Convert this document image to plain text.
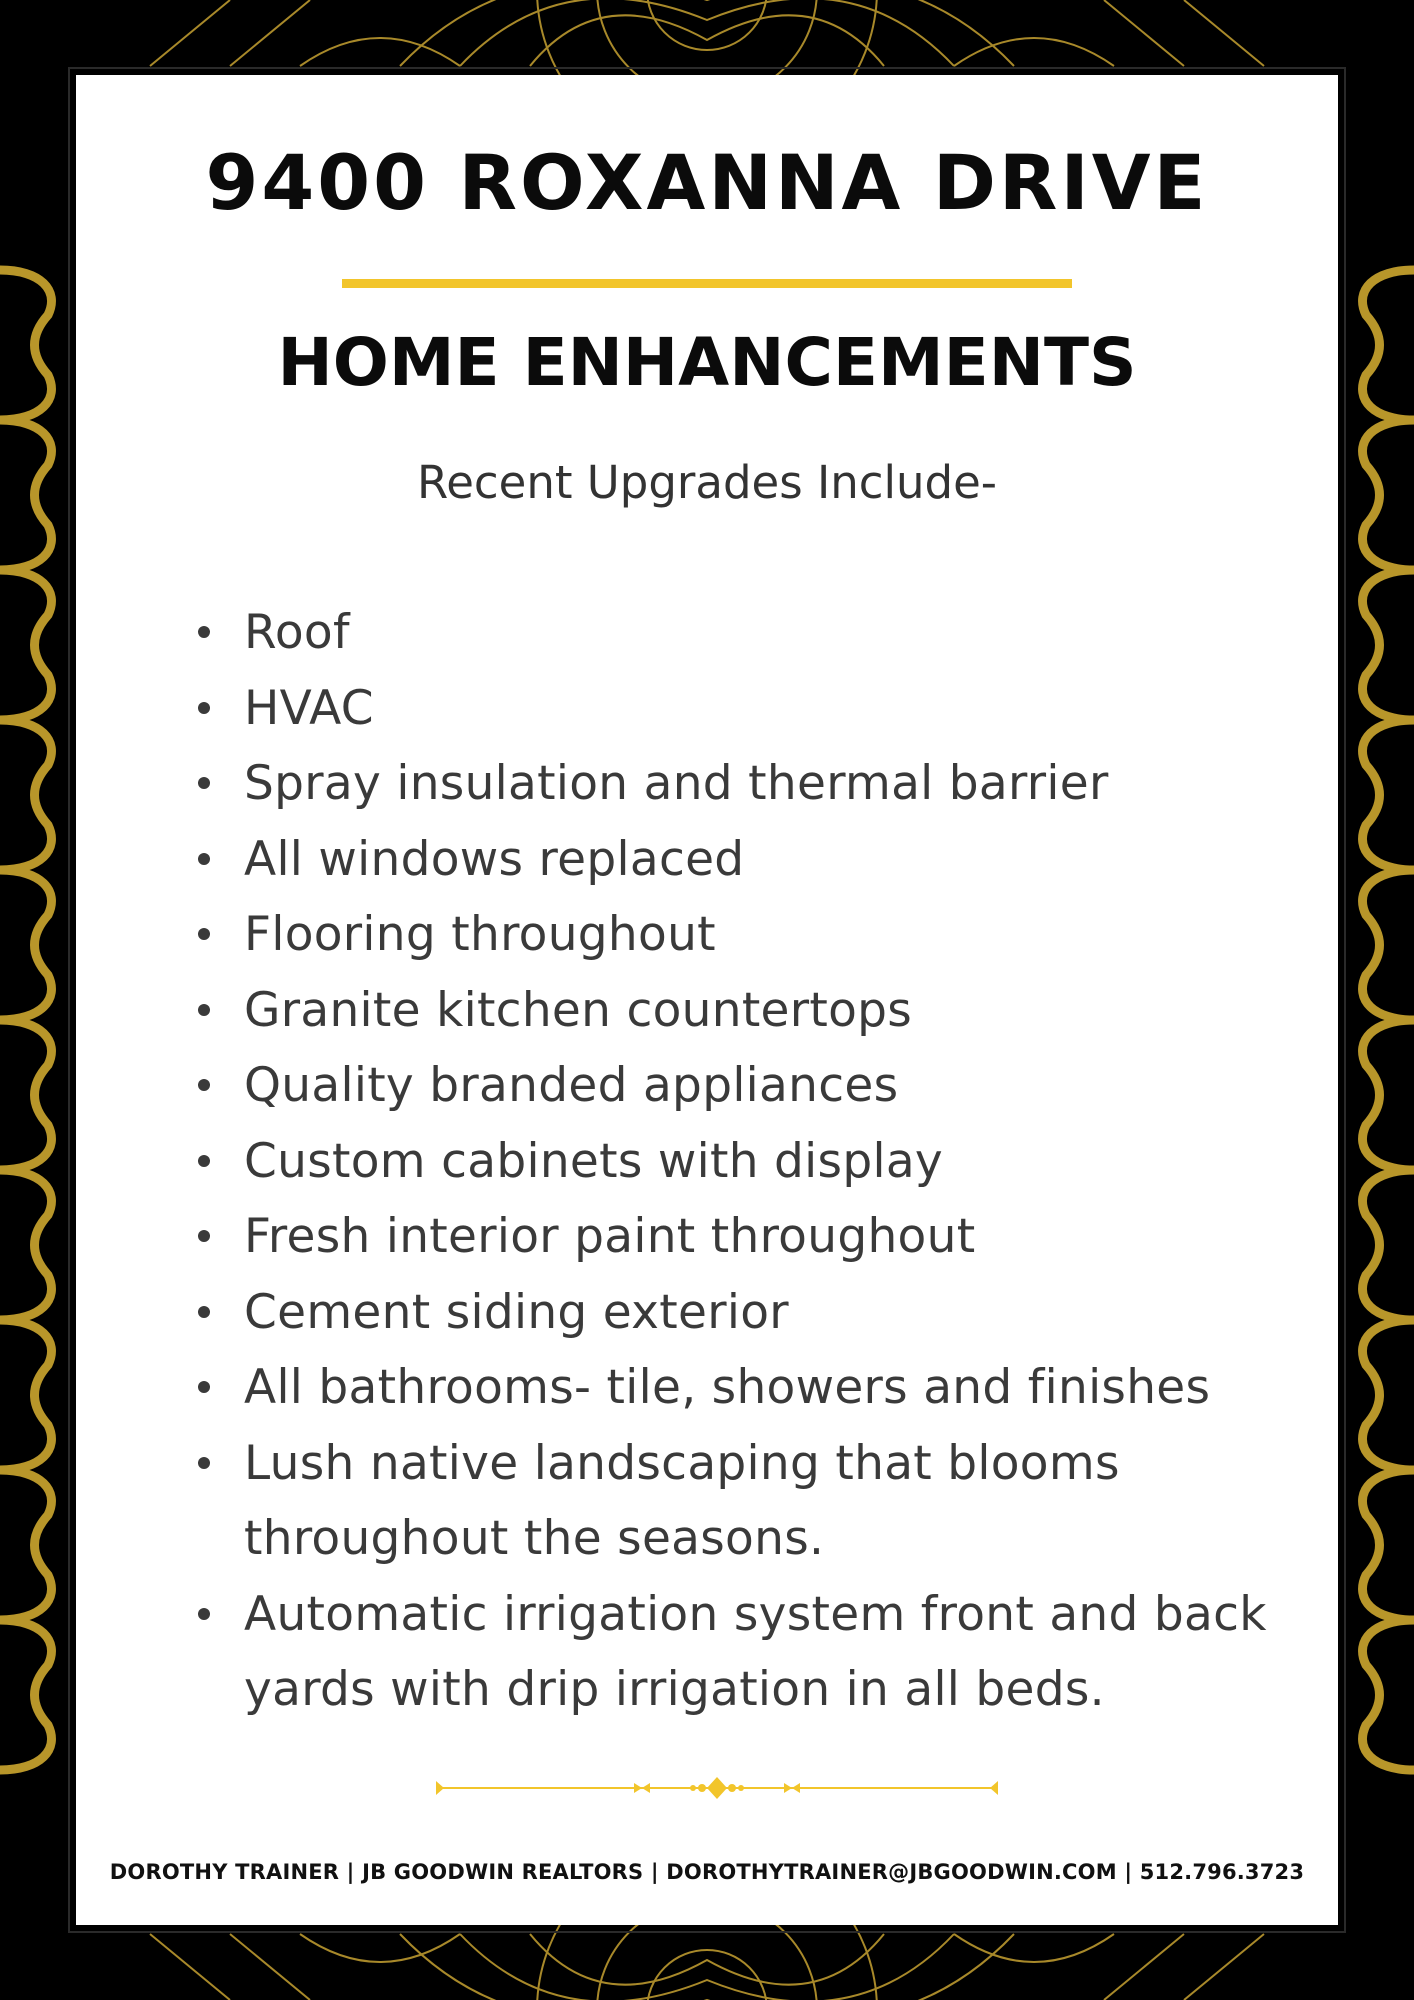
9400 ROXANNA DRIVE
HOME ENHANCEMENTS
Recent Upgrades Include-
Roof
HVAC
Spray insulation and thermal barrier
All windows replaced
Flooring throughout
Granite kitchen countertops
Quality branded appliances
Custom cabinets with display
Fresh interior paint throughout
Cement siding exterior
All bathrooms- tile, showers and finishes
Lush native landscaping that blooms throughout the seasons.
Automatic irrigation system front and back yards with drip irrigation in all beds.
DOROTHY TRAINER | JB GOODWIN REALTORS | DOROTHYTRAINER@JBGOODWIN.COM | 512.796.3723
